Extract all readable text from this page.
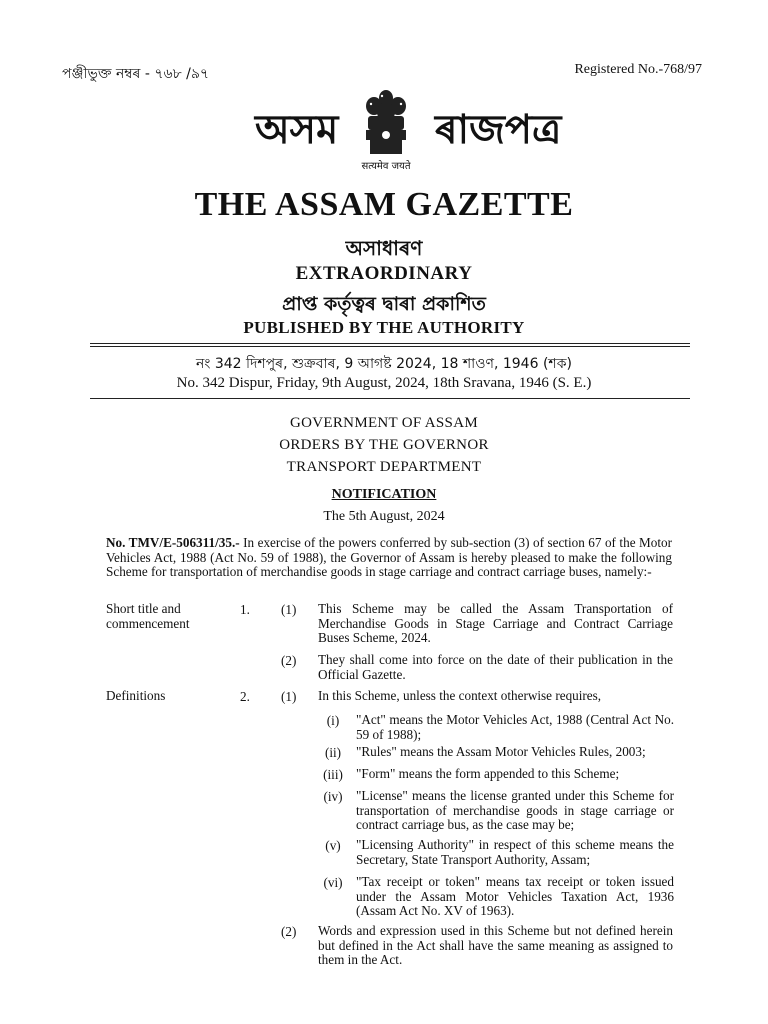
পঞ্জীভুক্ত নম্বৰ - ৭৬৮ /৯৭	Registered No.-768/97
অসম ৰাজপত্ৰ
सत्यमेव जयते
THE ASSAM GAZETTE
অসাধাৰণ
EXTRAORDINARY
প্ৰাপ্ত কৰ্তৃত্বৰ দ্বাৰা প্ৰকাশিত
PUBLISHED BY THE AUTHORITY
নং 342 দিশপুৰ, শুক্ৰবাৰ, 9 আগষ্ট 2024, 18 শাওণ, 1946 (শক)
No. 342 Dispur, Friday, 9th August, 2024, 18th Sravana, 1946 (S. E.)
GOVERNMENT OF ASSAM
ORDERS BY THE GOVERNOR
TRANSPORT DEPARTMENT
NOTIFICATION
The 5th August, 2024
No. TMV/E-506311/35.- In exercise of the powers conferred by sub-section (3) of section 67 of the Motor Vehicles Act, 1988 (Act No. 59 of 1988), the Governor of Assam is hereby pleased to make the following Scheme for transportation of merchandise goods in stage carriage and contract carriage buses, namely:-
Short title and commencement
1.	(1)	This Scheme may be called the Assam Transportation of Merchandise Goods in Stage Carriage and Contract Carriage Buses Scheme, 2024.
(2)	They shall come into force on the date of their publication in the Official Gazette.
Definitions	2.	(1)	In this Scheme, unless the context otherwise requires,
(i)	"Act" means the Motor Vehicles Act, 1988 (Central Act No. 59 of 1988);
(ii)	"Rules" means the Assam Motor Vehicles Rules, 2003;
(iii) "Form" means the form appended to this Scheme;
(iv)	"License" means the license granted under this Scheme for transportation of merchandise goods in stage carriage or contract carriage bus, as the case may be;
(v)	"Licensing Authority" in respect of this scheme means the Secretary, State Transport Authority, Assam;
(vi)	"Tax receipt or token" means tax receipt or token issued under the Assam Motor Vehicles Taxation Act, 1936 (Assam Act No. XV of 1963).
(2)	Words and expression used in this Scheme but not defined herein but defined in the Act shall have the same meaning as assigned to them in the Act.
